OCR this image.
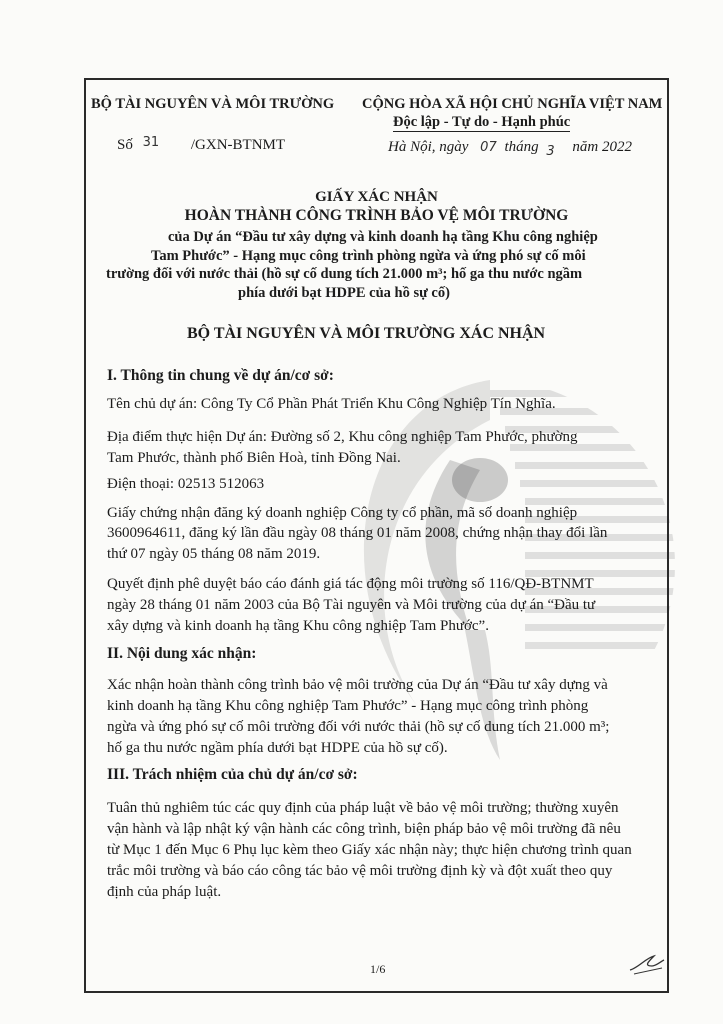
BỘ TÀI NGUYÊN VÀ MÔI TRƯỜNG CỘNG HÒA XÃ HỘI CHỦ NGHĨA VIỆT NAM
Độc lập - Tự do - Hạnh phúc
Số 31 /GXN-BTNMT	Hà Nội, ngày 07 tháng 3 năm 2022
GIẤY XÁC NHẬN
HOÀN THÀNH CÔNG TRÌNH BẢO VỆ MÔI TRƯỜNG
của Dự án “Đầu tư xây dựng và kinh doanh hạ tầng Khu công nghiệp
Tam Phước” - Hạng mục công trình phòng ngừa và ứng phó sự cố môi
trường đối với nước thải (hồ sự cố dung tích 21.000 m³; hố ga thu nước ngầm
phía dưới bạt HDPE của hồ sự cố)
BỘ TÀI NGUYÊN VÀ MÔI TRƯỜNG XÁC NHẬN
I. Thông tin chung về dự án/cơ sở:
Tên chủ dự án: Công Ty Cổ Phần Phát Triển Khu Công Nghiệp Tín Nghĩa.
Địa điểm thực hiện Dự án: Đường số 2, Khu công nghiệp Tam Phước, phường
Tam Phước, thành phố Biên Hoà, tỉnh Đồng Nai.
Điện thoại: 02513 512063
Giấy chứng nhận đăng ký doanh nghiệp Công ty cổ phần, mã số doanh nghiệp
3600964611, đăng ký lần đầu ngày 08 tháng 01 năm 2008, chứng nhận thay đổi lần
thứ 07 ngày 05 tháng 08 năm 2019.
Quyết định phê duyệt báo cáo đánh giá tác động môi trường số 116/QĐ-BTNMT
ngày 28 tháng 01 năm 2003 của Bộ Tài nguyên và Môi trường của dự án “Đầu tư
xây dựng và kinh doanh hạ tầng Khu công nghiệp Tam Phước”.
II. Nội dung xác nhận:
Xác nhận hoàn thành công trình bảo vệ môi trường của Dự án “Đầu tư xây dựng và
kinh doanh hạ tầng Khu công nghiệp Tam Phước” - Hạng mục công trình phòng
ngừa và ứng phó sự cố môi trường đối với nước thải (hồ sự cố dung tích 21.000 m³;
hố ga thu nước ngầm phía dưới bạt HDPE của hồ sự cố).
III. Trách nhiệm của chủ dự án/cơ sở:
Tuân thủ nghiêm túc các quy định của pháp luật về bảo vệ môi trường; thường xuyên
vận hành và lập nhật ký vận hành các công trình, biện pháp bảo vệ môi trường đã nêu
từ Mục 1 đến Mục 6 Phụ lục kèm theo Giấy xác nhận này; thực hiện chương trình quan
trắc môi trường và báo cáo công tác bảo vệ môi trường định kỳ và đột xuất theo quy
định của pháp luật.
1/6
